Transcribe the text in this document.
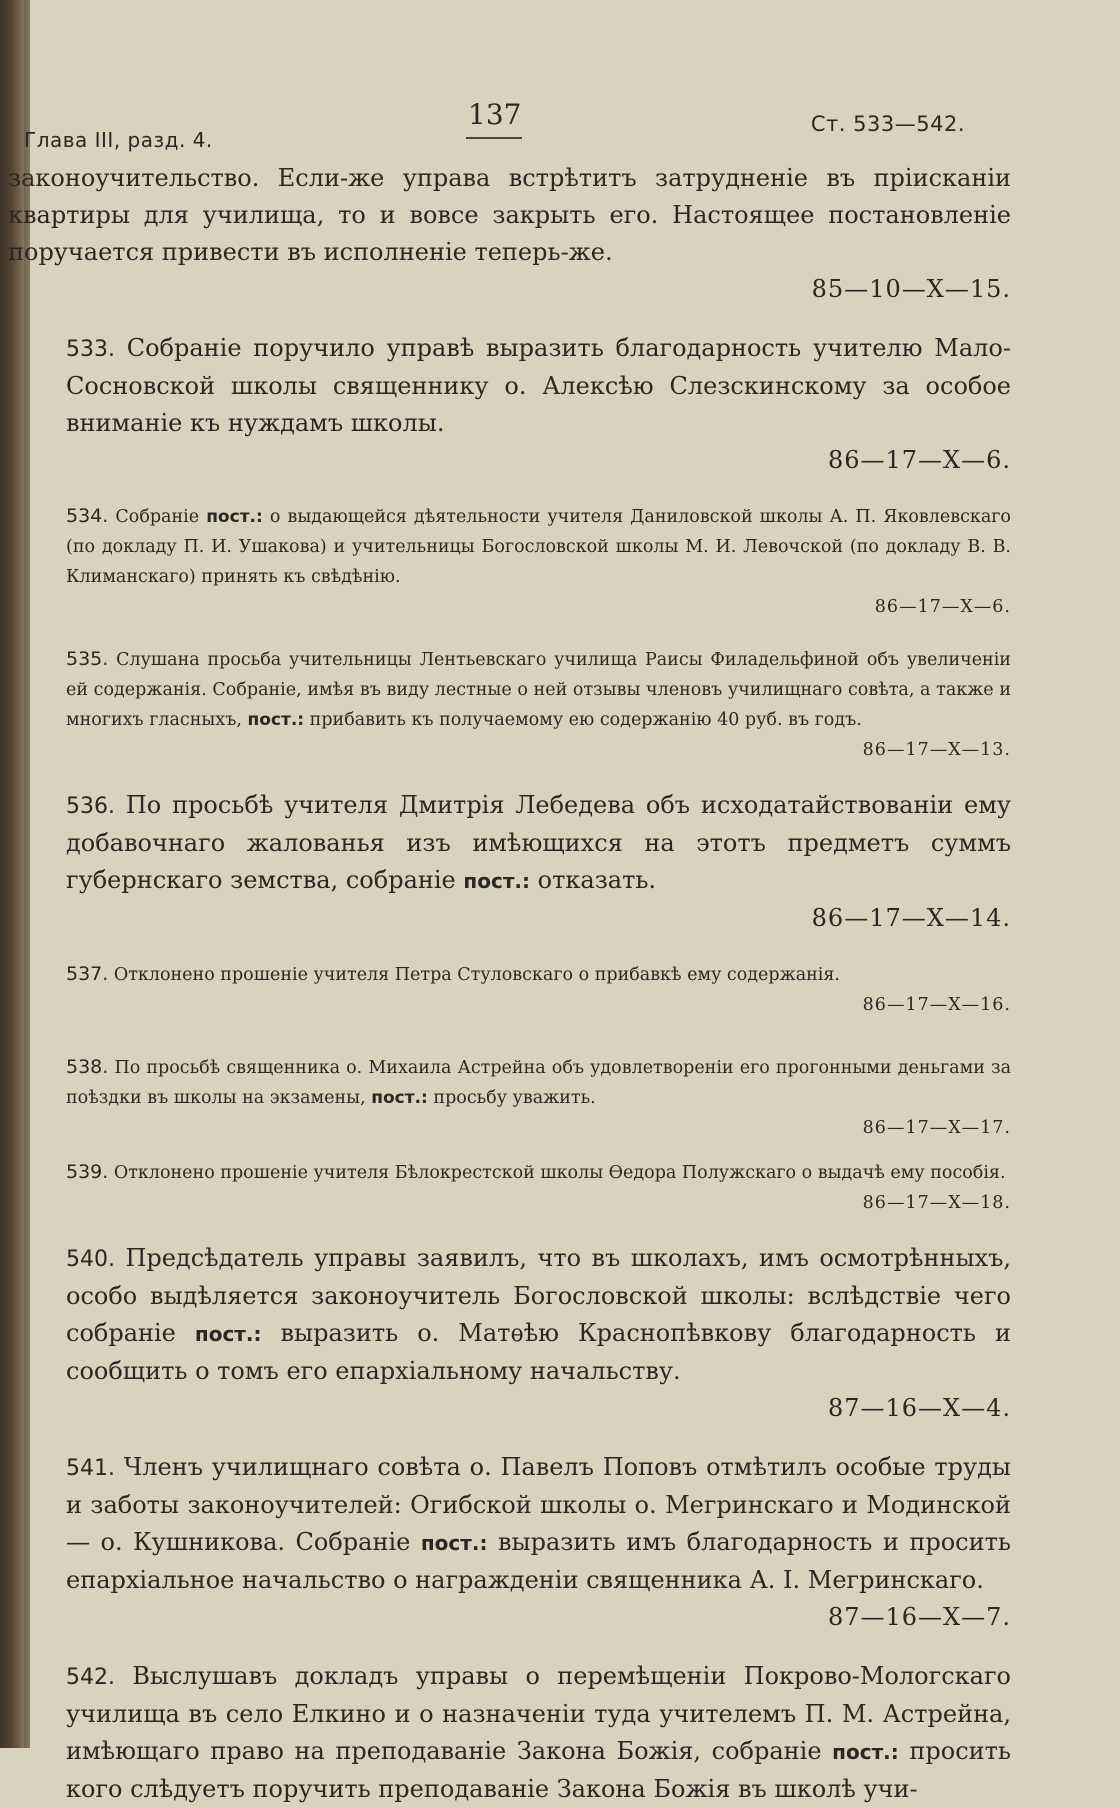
Глава III, разд. 4.
137	Ст. 533—542.

законоучительство. Если-же управа встрѣтитъ затрудненіе въ пріисканіи квартиры для училища, то и вовсе закрыть его. Настоящее постановленіе поручается привести въ исполненіе теперь-же.
85—10—X—15.

533. Собраніе поручило управѣ выразить благодарность учителю Мало-Сосновской школы священнику о. Алексѣю Слезскинскому за особое вниманіе къ нуждамъ школы.
86—17—X—6.

534. Собраніе пост.: о выдающейся дѣятельности учителя Даниловской школы А. П. Яковлевскаго (по докладу П. И. Ушакова) и учительницы Богословской школы М. И. Левочской (по докладу В. В. Климанскаго) принять къ свѣдѣнію.
86—17—X—6.

535. Слушана просьба учительницы Лентьевскаго училища Раисы Филадельфиной объ увеличеніи ей содержанія. Собраніе, имѣя въ виду лестные о ней отзывы членовъ училищнаго совѣта, а также и многихъ гласныхъ, пост.: прибавить къ получаемому ею содержанію 40 руб. въ годъ.
86—17—X—13.

536. По просьбѣ учителя Дмитрія Лебедева объ исходатайствованіи ему добавочнаго жалованья изъ имѣющихся на этотъ предметъ суммъ губернскаго земства, собраніе пост.: отказать.
86—17—X—14.

537. Отклонено прошеніе учителя Петра Стуловскаго о прибавкѣ ему содержанія.
86—17—X—16.

538. По просьбѣ священника о. Михаила Астрейна объ удовлетвореніи его прогонными деньгами за поѣздки въ школы на экзамены, пост.: просьбу уважить.
86—17—X—17.

539. Отклонено прошеніе учителя Бѣлокрестской школы Ѳедора Полужскаго о выдачѣ ему пособія.
86—17—X—18.

540. Предсѣдатель управы заявилъ, что въ школахъ, имъ осмотрѣнныхъ, особо выдѣляется законоучитель Богословской школы: вслѣдствіе чего собраніе пост.: выразить о. Матѳѣю Краснопѣвкову благодарность и сообщить о томъ его епархіальному начальству.
87—16—X—4.

541. Членъ училищнаго совѣта о. Павелъ Поповъ отмѣтилъ особые труды и заботы законоучителей: Огибской школы о. Мегринскаго и Модинской — о. Кушникова. Собраніе пост.: выразить имъ благодарность и просить епархіальное начальство о награжденіи священника А. І. Мегринскаго.
87—16—X—7.

542. Выслушавъ докладъ управы о перемѣщеніи Покрово-Мологскаго училища въ село Елкино и о назначеніи туда учителемъ П. М. Астрейна, имѣющаго право на преподаваніе Закона Божія, собраніе пост.: просить кого слѣдуетъ поручить преподаваніе Закона Божія въ школѣ учи-
